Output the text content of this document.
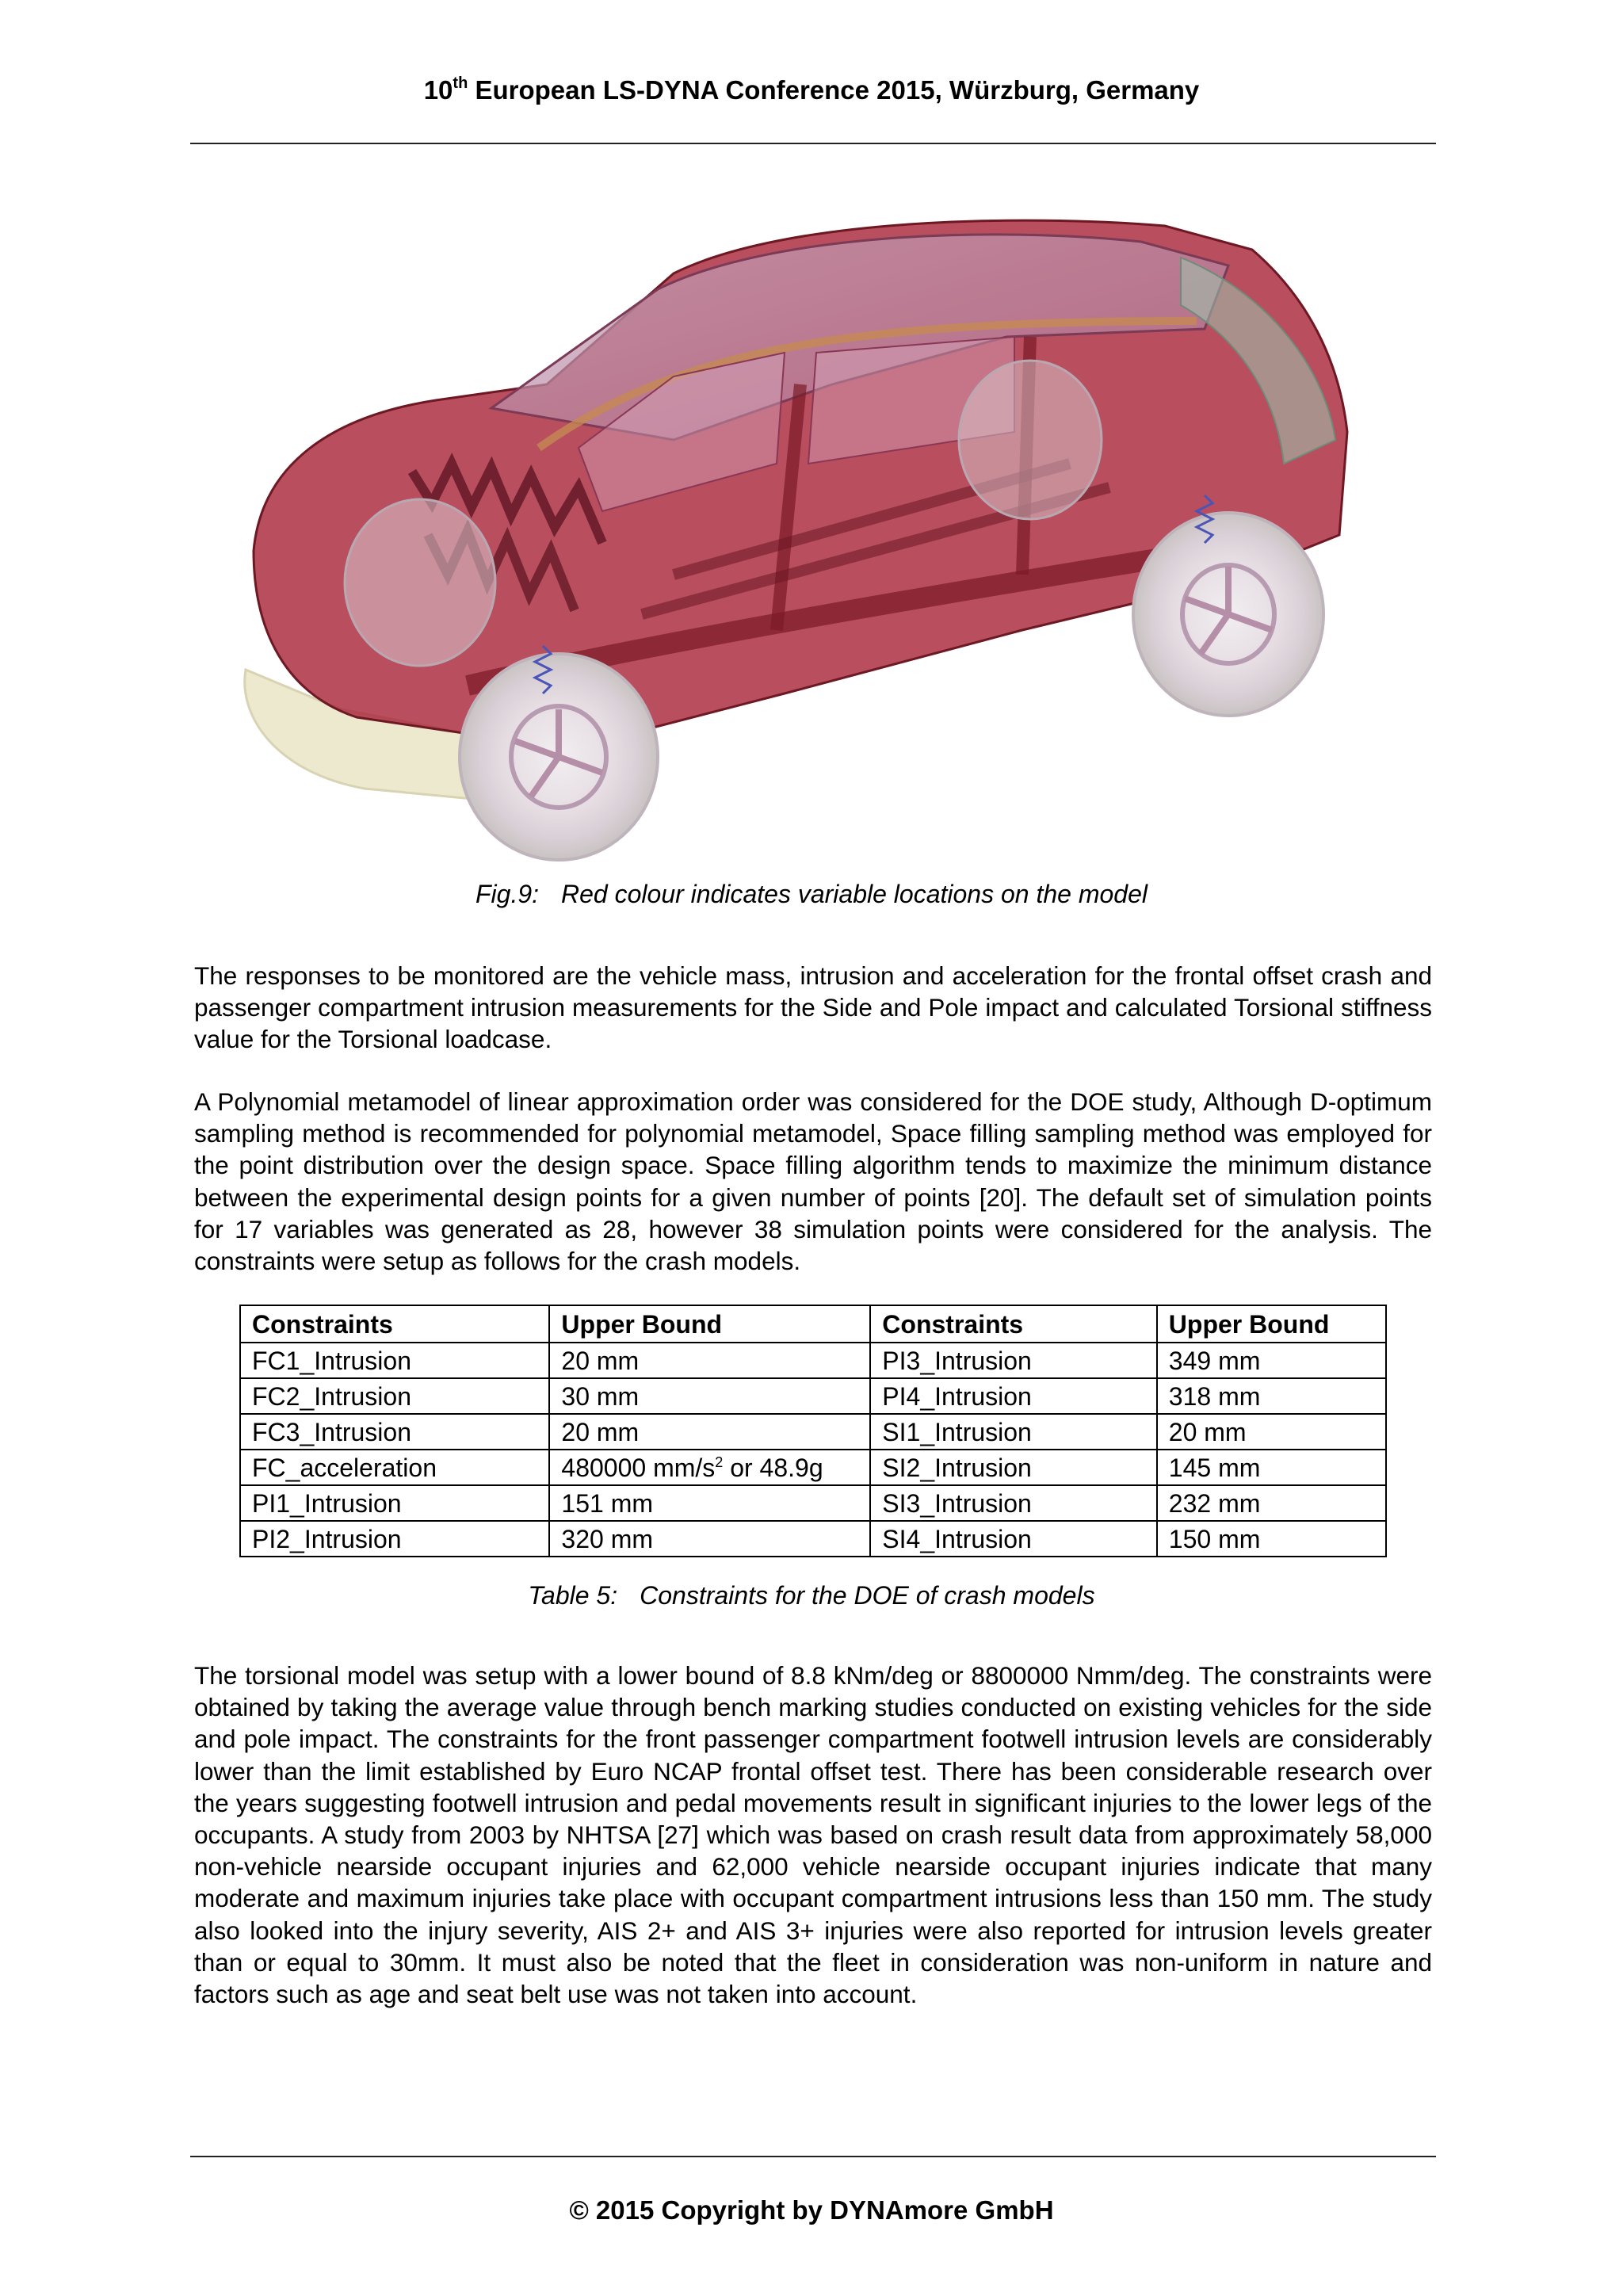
10th European LS-DYNA Conference 2015, Würzburg, Germany
Fig.9: Red colour indicates variable locations on the model

The responses to be monitored are the vehicle mass, intrusion and acceleration for the frontal offset crash and passenger compartment intrusion measurements for the Side and Pole impact and calculated Torsional stiffness value for the Torsional loadcase.

A Polynomial metamodel of linear approximation order was considered for the DOE study, Although D-optimum sampling method is recommended for polynomial metamodel, Space filling sampling method was employed for the point distribution over the design space. Space filling algorithm tends to maximize the minimum distance between the experimental design points for a given number of points [20]. The default set of simulation points for 17 variables was generated as 28, however 38 simulation points were considered for the analysis. The constraints were setup as follows for the crash models.

Constraints	Upper Bound	Constraints	Upper Bound
FC1_Intrusion	20 mm	PI3_Intrusion	349 mm
FC2_Intrusion	30 mm	PI4_Intrusion	318 mm
FC3_Intrusion	20 mm	SI1_Intrusion	20 mm
FC_acceleration	480000 $mm/s^2$ or 48.9g	SI2_Intrusion	145 mm
PI1_Intrusion	151 mm	SI3_Intrusion	232 mm
PI2_Intrusion	320 mm	SI4_Intrusion	150 mm
Table 5: Constraints for the DOE of crash models

The torsional model was setup with a lower bound of 8.8 kNm/deg or 8800000 Nmm/deg. The constraints were obtained by taking the average value through bench marking studies conducted on existing vehicles for the side and pole impact. The constraints for the front passenger compartment footwell intrusion levels are considerably lower than the limit established by Euro NCAP frontal offset test. There has been considerable research over the years suggesting footwell intrusion and pedal movements result in significant injuries to the lower legs of the occupants. A study from 2003 by NHTSA [27] which was based on crash result data from approximately 58,000 non-vehicle nearside occupant injuries and 62,000 vehicle nearside occupant injuries indicate that many moderate and maximum injuries take place with occupant compartment intrusions less than 150 mm. The study also looked into the injury severity, AIS 2+ and AIS 3+ injuries were also reported for intrusion levels greater than or equal to 30mm. It must also be noted that the fleet in consideration was non-uniform in nature and factors such as age and seat belt use was not taken into account.

© 2015 Copyright by DYNAmore GmbH
